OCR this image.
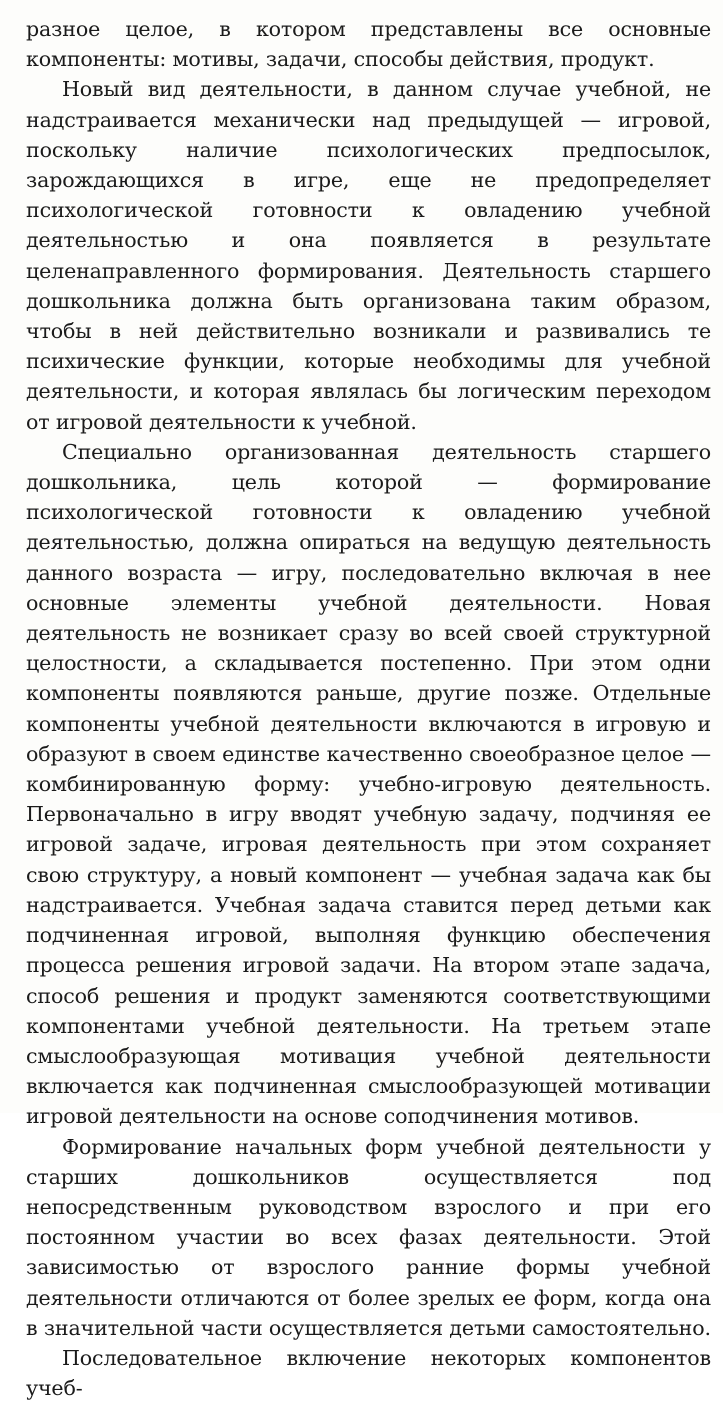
разное целое, в котором представлены все основные компоненты: мотивы, задачи, способы действия, продукт.

Новый вид деятельности, в данном случае учебной, не надстраивается механически над предыдущей — игровой, поскольку наличие психологических предпосылок, зарождающихся в игре, еще не предопределяет психологической готовности к овладению учебной деятельностью и она появляется в результате целенаправленного формирования. Деятельность старшего дошкольника должна быть организована таким образом, чтобы в ней действительно возникали и развивались те психические функции, которые необходимы для учебной деятельности, и которая являлась бы логическим переходом от игровой деятельности к учебной.

Специально организованная деятельность старшего дошкольника, цель которой — формирование психологической готовности к овладению учебной деятельностью, должна опираться на ведущую деятельность данного возраста — игру, последовательно включая в нее основные элементы учебной деятельности. Новая деятельность не возникает сразу во всей своей структурной целостности, а складывается постепенно. При этом одни компоненты появляются раньше, другие позже. Отдельные компоненты учебной деятельности включаются в игровую и образуют в своем единстве качественно своеобразное целое — комбинированную форму: учебно-игровую деятельность. Первоначально в игру вводят учебную задачу, подчиняя ее игровой задаче, игровая деятельность при этом сохраняет свою структуру, а новый компонент — учебная задача как бы надстраивается. Учебная задача ставится перед детьми как подчиненная игровой, выполняя функцию обеспечения процесса решения игровой задачи. На втором этапе задача, способ решения и продукт заменяются соответствующими компонентами учебной деятельности. На третьем этапе смыслообразующая мотивация учебной деятельности включается как подчиненная смыслообразующей мотивации игровой деятельности на основе соподчинения мотивов.

Формирование начальных форм учебной деятельности у старших дошкольников осуществляется под непосредственным руководством взрослого и при его постоянном участии во всех фазах деятельности. Этой зависимостью от взрослого ранние формы учебной деятельности отличаются от более зрелых ее форм, когда она в значительной части осуществляется детьми самостоятельно.

Последовательное включение некоторых компонентов учеб-
